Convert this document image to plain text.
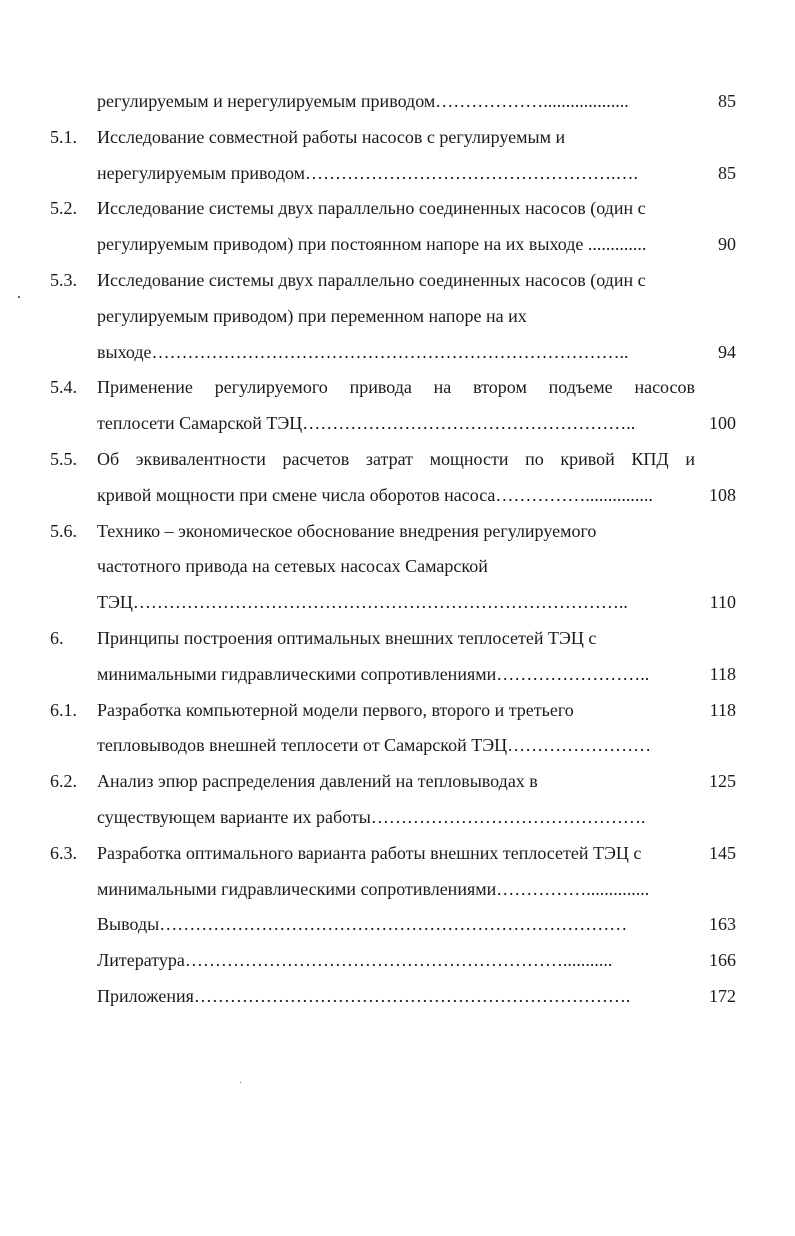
регулируемым и нерегулируемым приводом………………...................	85
5.1. Исследование совместной работы насосов с регулируемым и
нерегулируемым приводом…………………………………………….….	85
5.2. Исследование системы двух параллельно соединенных насосов (один с
регулируемым приводом) при постоянном напоре на их выходе .............	90
5.3. Исследование системы двух параллельно соединенных насосов (один с
регулируемым приводом) при переменном напоре на их
выходе……………………………………………………………………..	94
5.4. Применение регулируемого привода на втором подъеме насосов
теплосети Самарской ТЭЦ………………………………………………..	100
5.5. Об эквивалентности расчетов затрат мощности по кривой КПД и
кривой мощности при смене числа оборотов насоса……………...............	108
5.6. Технико – экономическое обоснование внедрения регулируемого
частотного привода на сетевых насосах Самарской
ТЭЦ………………………………………………………………………..	110
6. Принципы построения оптимальных внешних теплосетей ТЭЦ с
минимальными гидравлическими сопротивлениями……………………..	118
6.1. Разработка компьютерной модели первого, второго и третьего	118
тепловыводов внешней теплосети от Самарской ТЭЦ……………………
6.2. Анализ эпюр распределения давлений на тепловыводах в	125
существующем варианте их работы……………………………………….
6.3. Разработка оптимального варианта работы внешних теплосетей ТЭЦ с	145
минимальными гидравлическими сопротивлениями……………..............
Выводы……………………………………………………………………	163
Литература………………………………………………………...........	166
Приложения……………………………………………………………….	172
